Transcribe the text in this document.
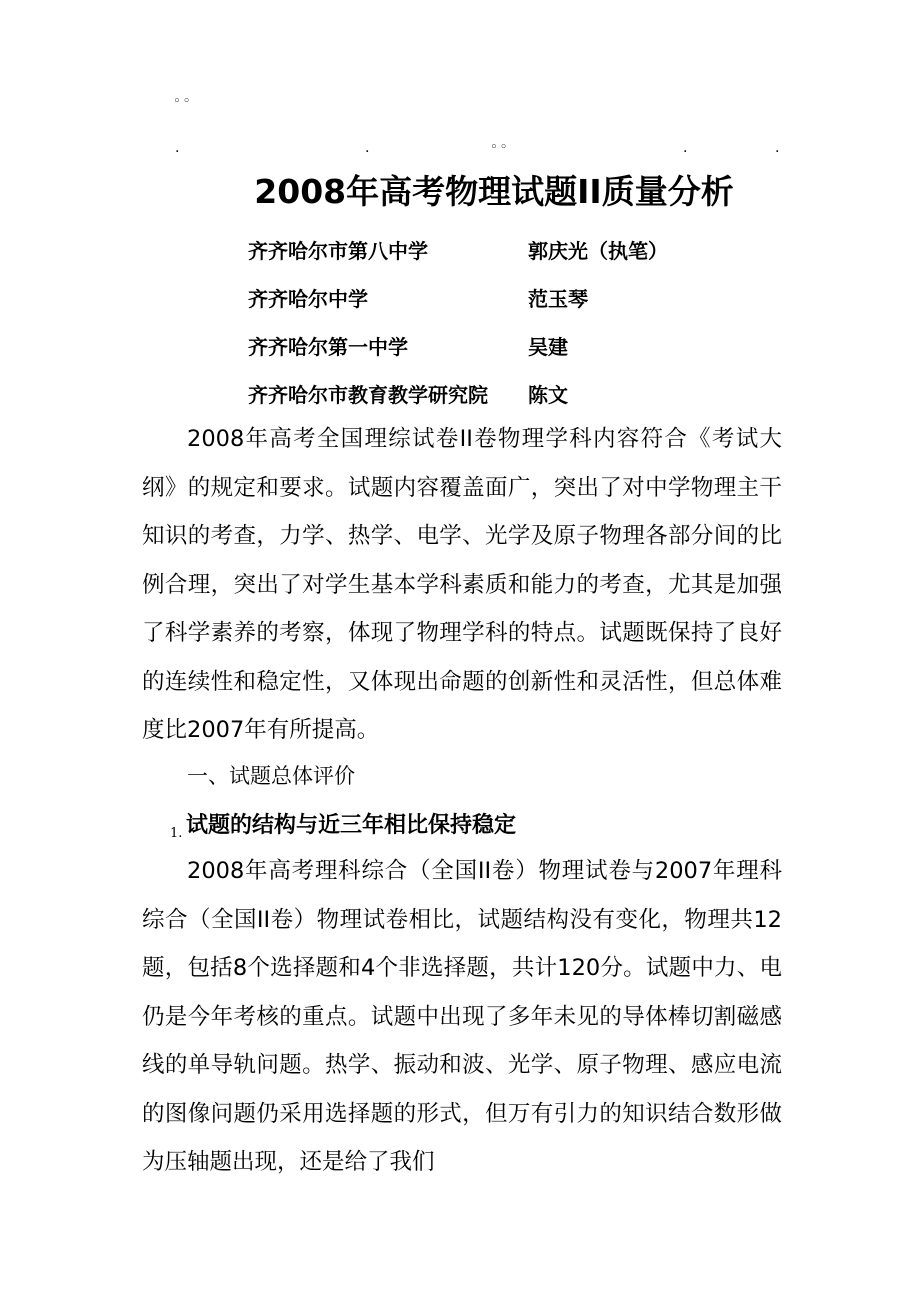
◦◦
.	.	◦◦	.	.
2008年高考物理试题II质量分析
齐齐哈尔市第八中学	郭庆光（执笔）
齐齐哈尔中学	范玉琴
齐齐哈尔第一中学	吴建
齐齐哈尔市教育教学研究院 陈文

2008年高考全国理综试卷II卷物理学科内容符合《考试大纲》的规定和要求。试题内容覆盖面广，突出了对中学物理主干知识的考查，力学、热学、电学、光学及原子物理各部分间的比例合理，突出了对学生基本学科素质和能力的考查，尤其是加强了科学素养的考察，体现了物理学科的特点。试题既保持了良好的连续性和稳定性，又体现出命题的创新性和灵活性，但总体难度比2007年有所提高。

一、试题总体评价
1. 试题的结构与近三年相比保持稳定

2008年高考理科综合（全国II卷）物理试卷与2007年理科综合（全国II卷）物理试卷相比，试题结构没有变化，物理共12题，包括8个选择题和4个非选择题，共计120分。试题中力、电仍是今年考核的重点。试题中出现了多年未见的导体棒切割磁感线的单导轨问题。热学、振动和波、光学、原子物理、感应电流的图像问题仍采用选择题的形式，但万有引力的知识结合数形做为压轴题出现，还是给了我们
